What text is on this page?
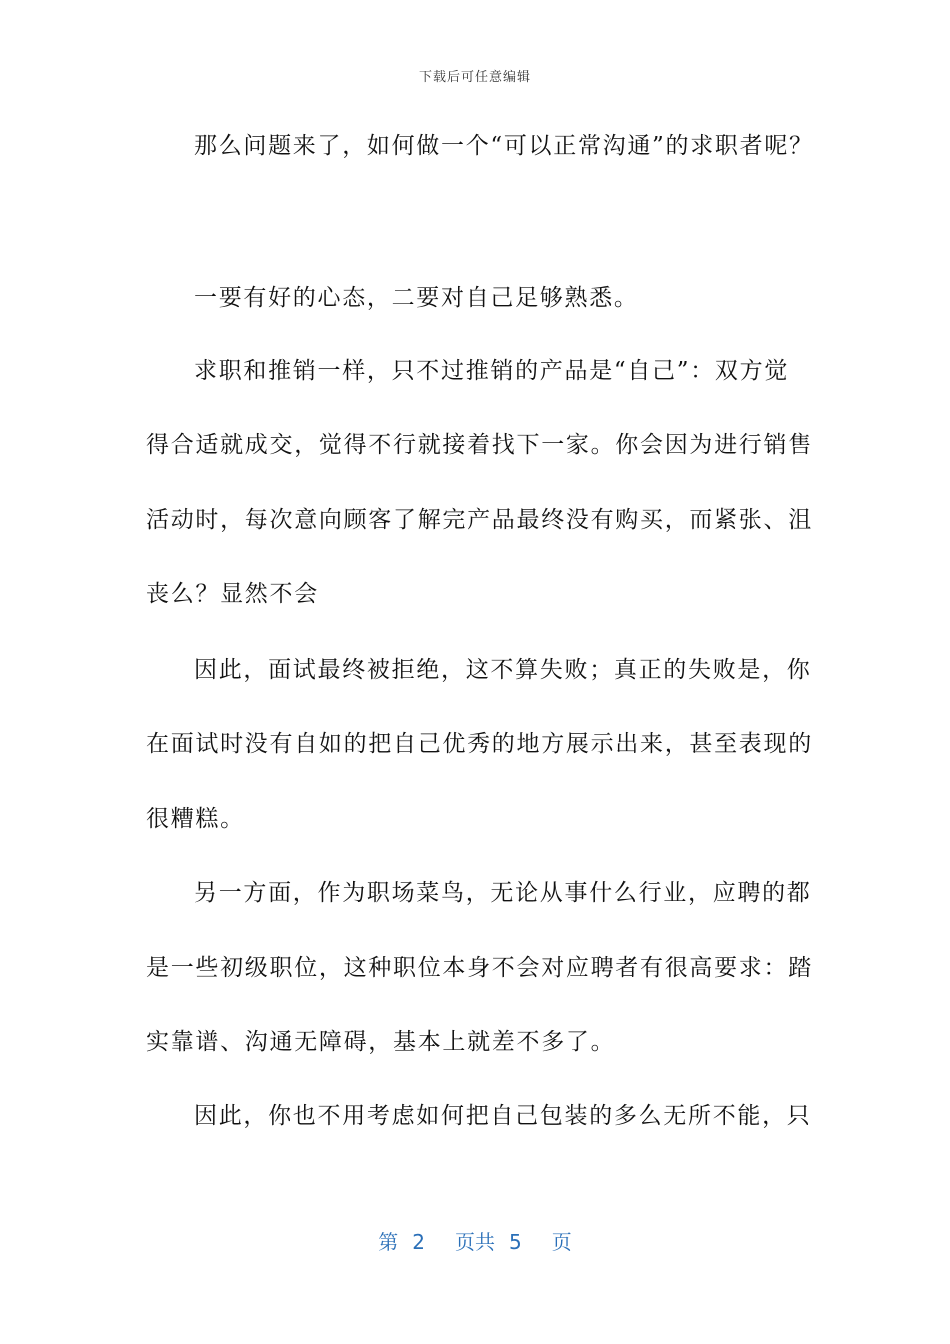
下载后可任意编辑
那么问题来了，如何做一个“可以正常沟通”的求职者呢？
一要有好的心态，二要对自己足够熟悉。
求职和推销一样，只不过推销的产品是“自己”：双方觉
得合适就成交，觉得不行就接着找下一家。你会因为进行销售
活动时，每次意向顾客了解完产品最终没有购买，而紧张、沮
丧么？显然不会
因此，面试最终被拒绝，这不算失败；真正的失败是，你
在面试时没有自如的把自己优秀的地方展示出来，甚至表现的
很糟糕。
另一方面，作为职场菜鸟，无论从事什么行业，应聘的都
是一些初级职位，这种职位本身不会对应聘者有很高要求：踏
实靠谱、沟通无障碍，基本上就差不多了。
因此，你也不用考虑如何把自己包装的多么无所不能，只
第 2 页共 5 页
